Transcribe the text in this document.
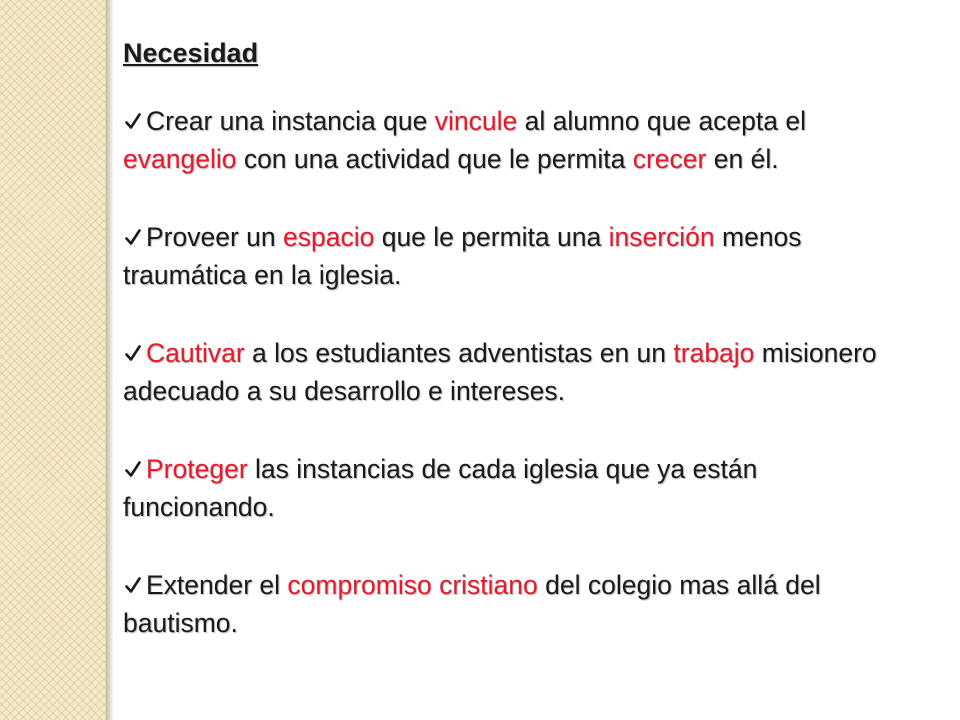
Necesidad
Crear una instancia que vincule al alumno que acepta el evangelio con una actividad que le permita crecer en él.
Proveer un espacio que le permita una inserción menos traumática en la iglesia.
Cautivar a los estudiantes adventistas en un trabajo misionero adecuado a su desarrollo e intereses.
Proteger las instancias de cada iglesia que ya están funcionando.
Extender el compromiso cristiano del colegio mas allá del bautismo.
